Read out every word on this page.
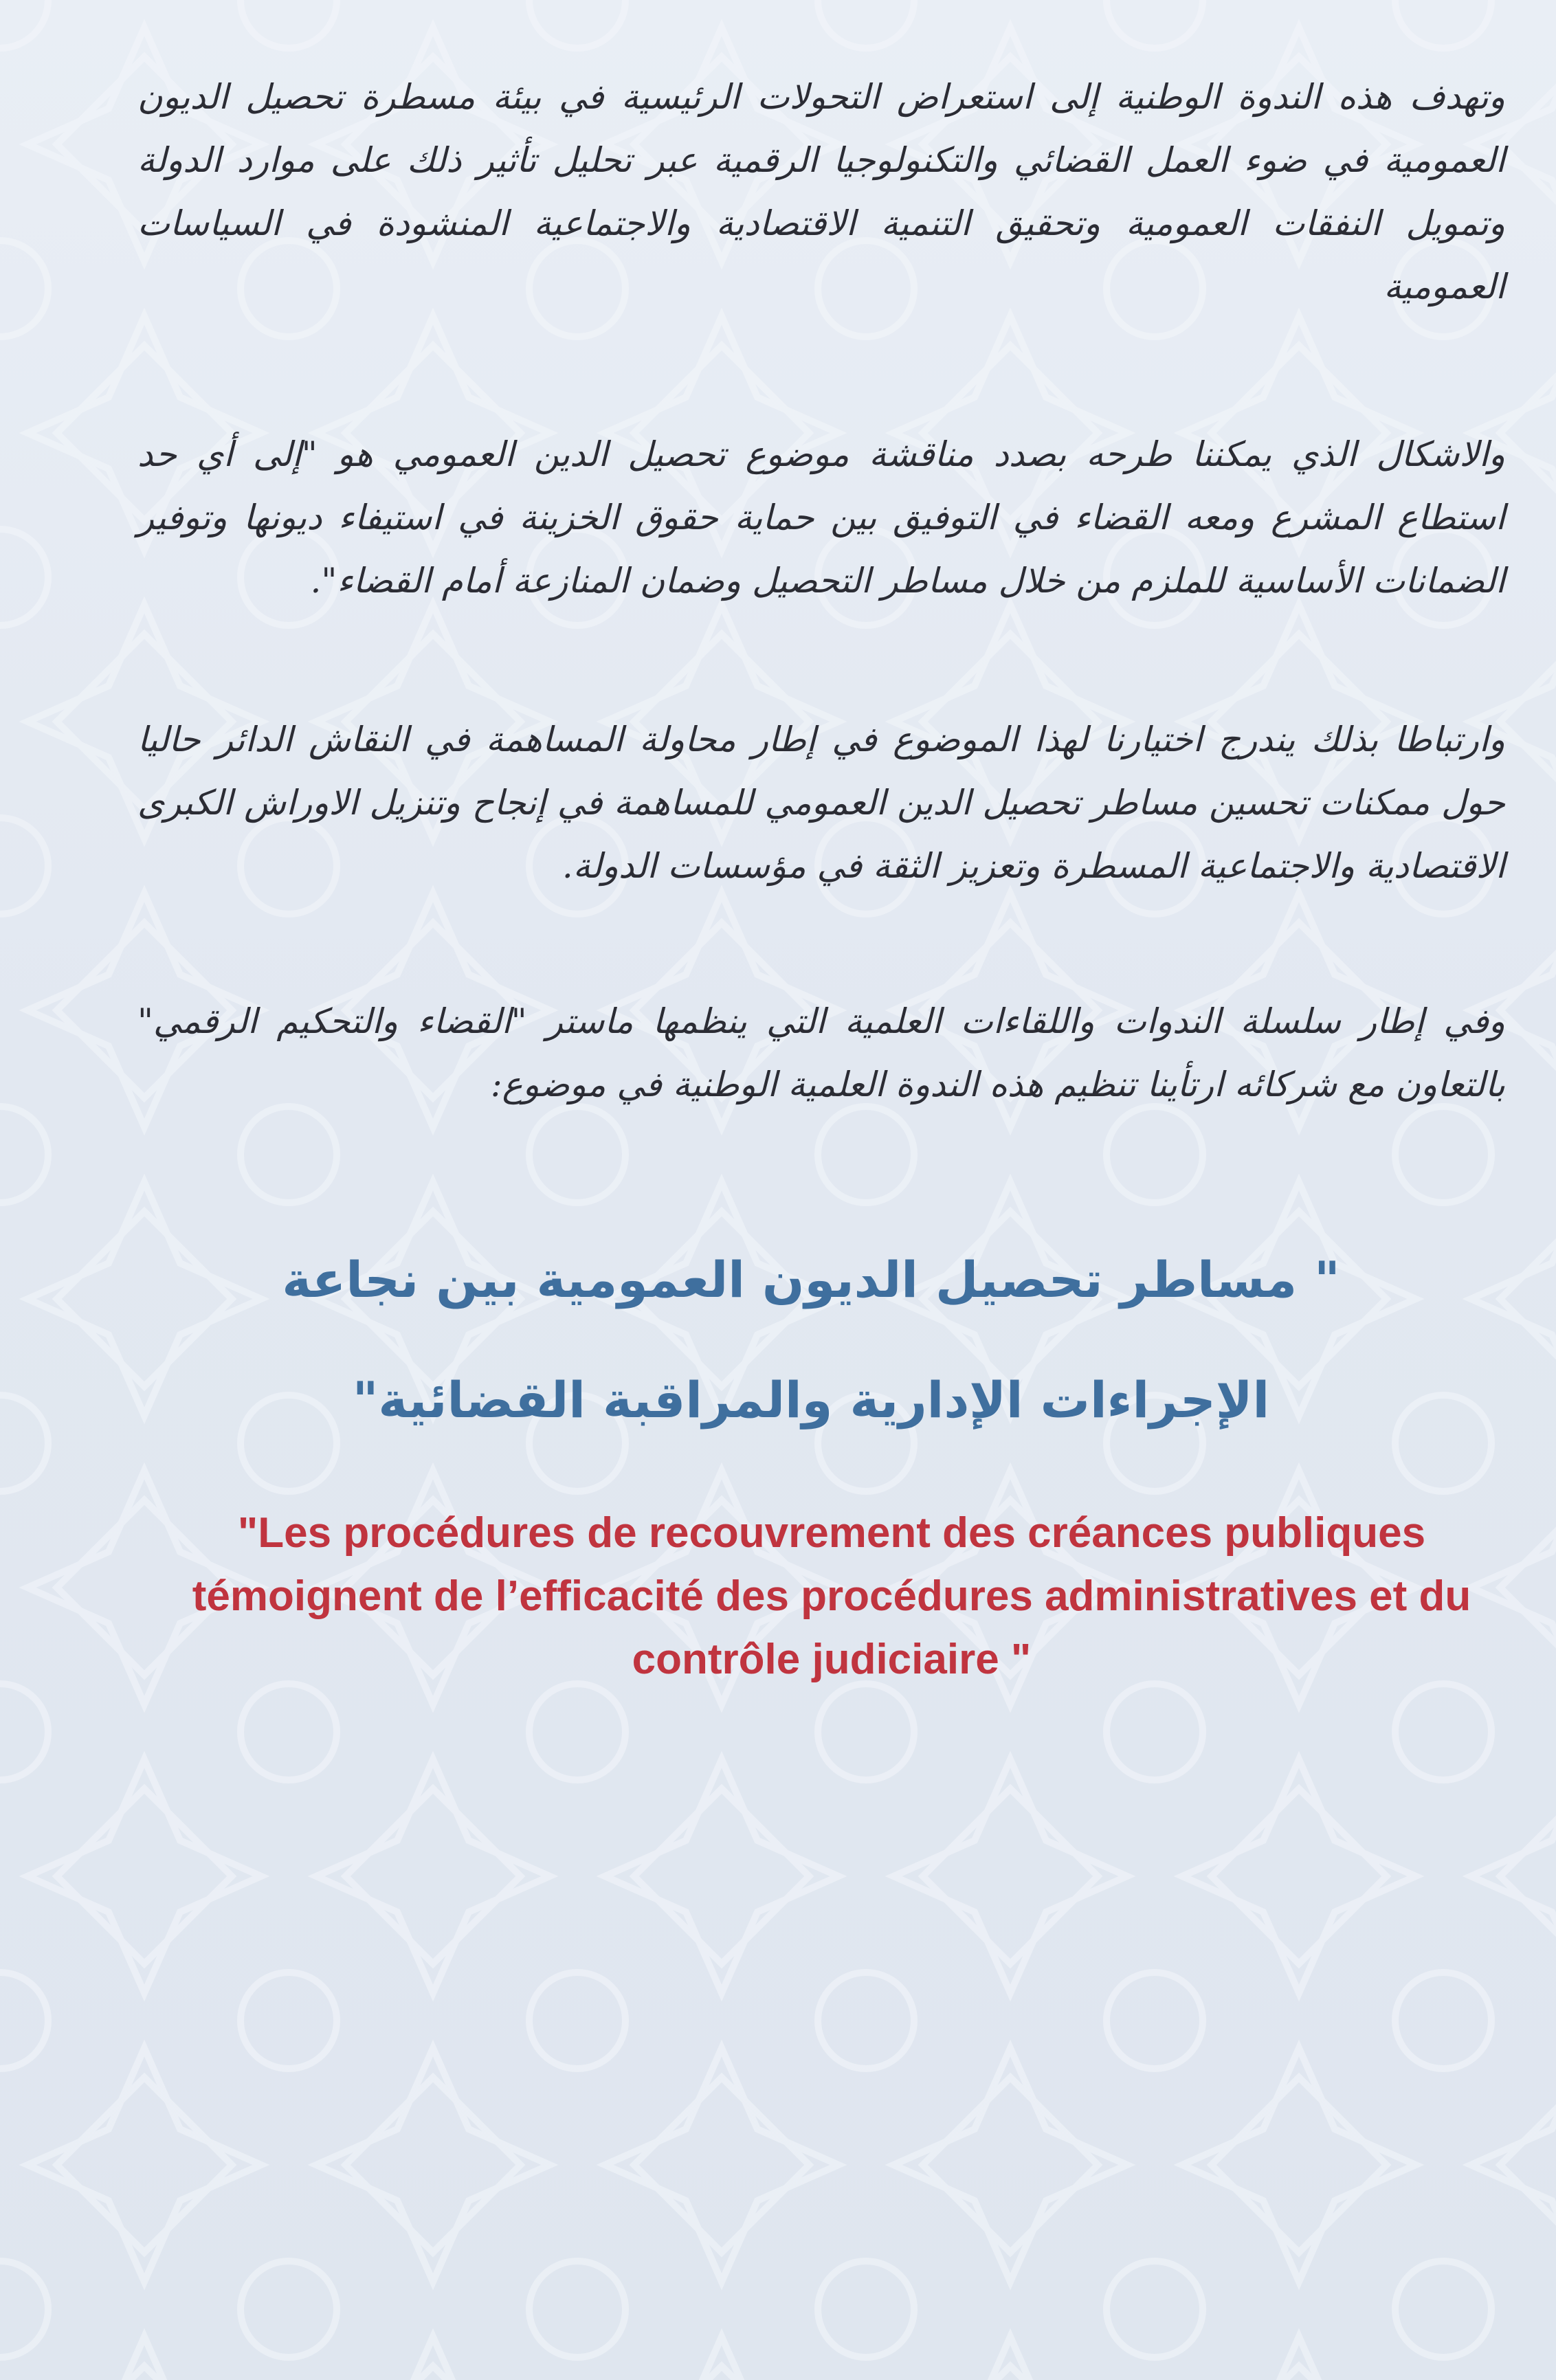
وتهدف هذه الندوة الوطنية إلى استعراض التحولات الرئيسية في بيئة مسطرة تحصيل الديون العمومية في ضوء العمل القضائي والتكنولوجيا الرقمية عبر تحليل تأثير ذلك على موارد الدولة وتمويل النفقات العمومية وتحقيق التنمية الاقتصادية والاجتماعية المنشودة في السياسات العمومية

والاشكال الذي يمكننا طرحه بصدد مناقشة موضوع تحصيل الدين العمومي هو "إلى أي حد استطاع المشرع ومعه القضاء في التوفيق بين حماية حقوق الخزينة في استيفاء ديونها وتوفير الضمانات الأساسية للملزم من خلال مساطر التحصيل وضمان المنازعة أمام القضاء".

وارتباطا بذلك يندرج اختيارنا لهذا الموضوع في إطار محاولة المساهمة في النقاش الدائر حاليا حول ممكنات تحسين مساطر تحصيل الدين العمومي للمساهمة في إنجاح وتنزيل الاوراش الكبرى الاقتصادية والاجتماعية المسطرة وتعزيز الثقة في مؤسسات الدولة.

وفي إطار سلسلة الندوات واللقاءات العلمية التي ينظمها ماستر "القضاء والتحكيم الرقمي" بالتعاون مع شركائه ارتأينا تنظيم هذه الندوة العلمية الوطنية في موضوع:

" مساطر تحصيل الديون العمومية بين نجاعة الإجراءات الإدارية والمراقبة القضائية"
"Les procédures de recouvrement des créances publiques témoignent de l’efficacité des procédures administratives et du contrôle judiciaire "
